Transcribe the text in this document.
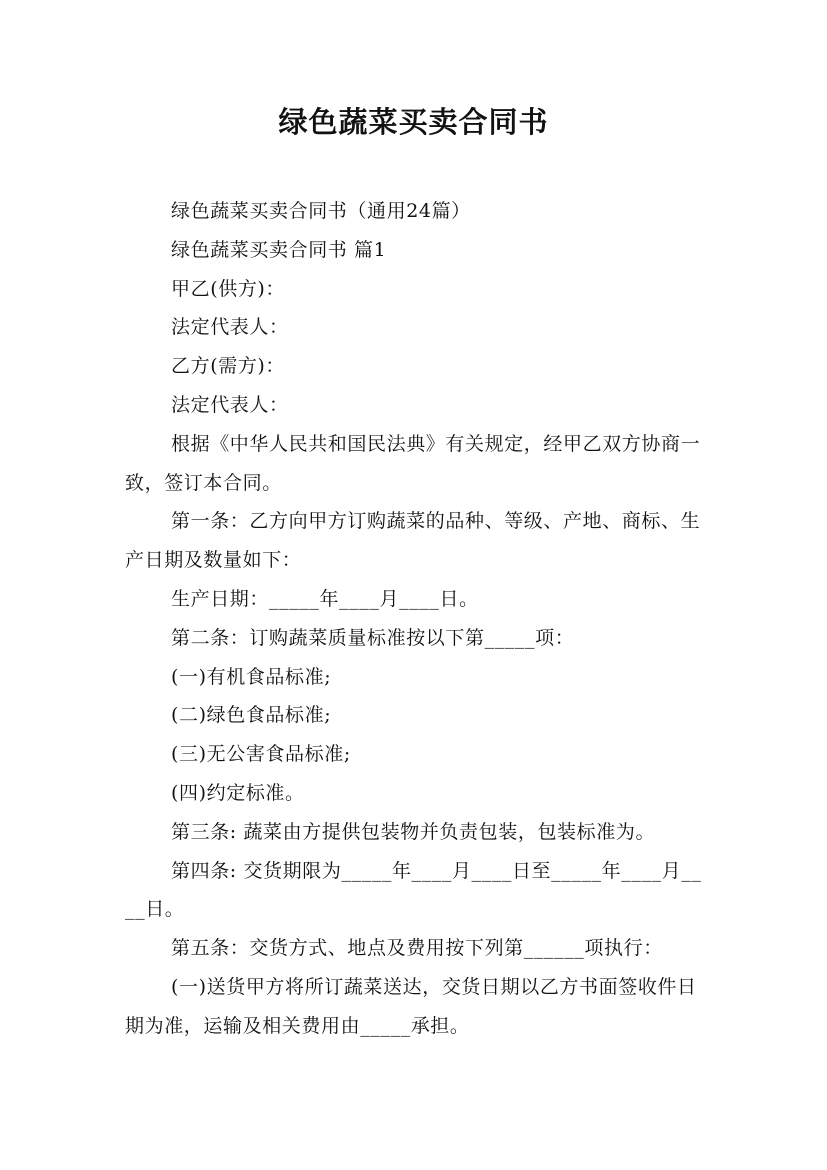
绿色蔬菜买卖合同书

绿色蔬菜买卖合同书（通用24篇）

绿色蔬菜买卖合同书 篇1

甲乙(供方)：

法定代表人：

乙方(需方)：

法定代表人：

根据《中华人民共和国民法典》有关规定，经甲乙双方协商一致，签订本合同。

第一条：乙方向甲方订购蔬菜的品种、等级、产地、商标、生产日期及数量如下：

生产日期：_____年____月____日。

第二条：订购蔬菜质量标准按以下第_____项：

(一)有机食品标准;

(二)绿色食品标准;

(三)无公害食品标准;

(四)约定标准。

第三条: 蔬菜由方提供包装物并负责包装，包装标准为。

第四条: 交货期限为_____年____月____日至_____年____月____日。

第五条：交货方式、地点及费用按下列第______项执行：

(一)送货甲方将所订蔬菜送达，交货日期以乙方书面签收件日期为准，运输及相关费用由_____承担。
